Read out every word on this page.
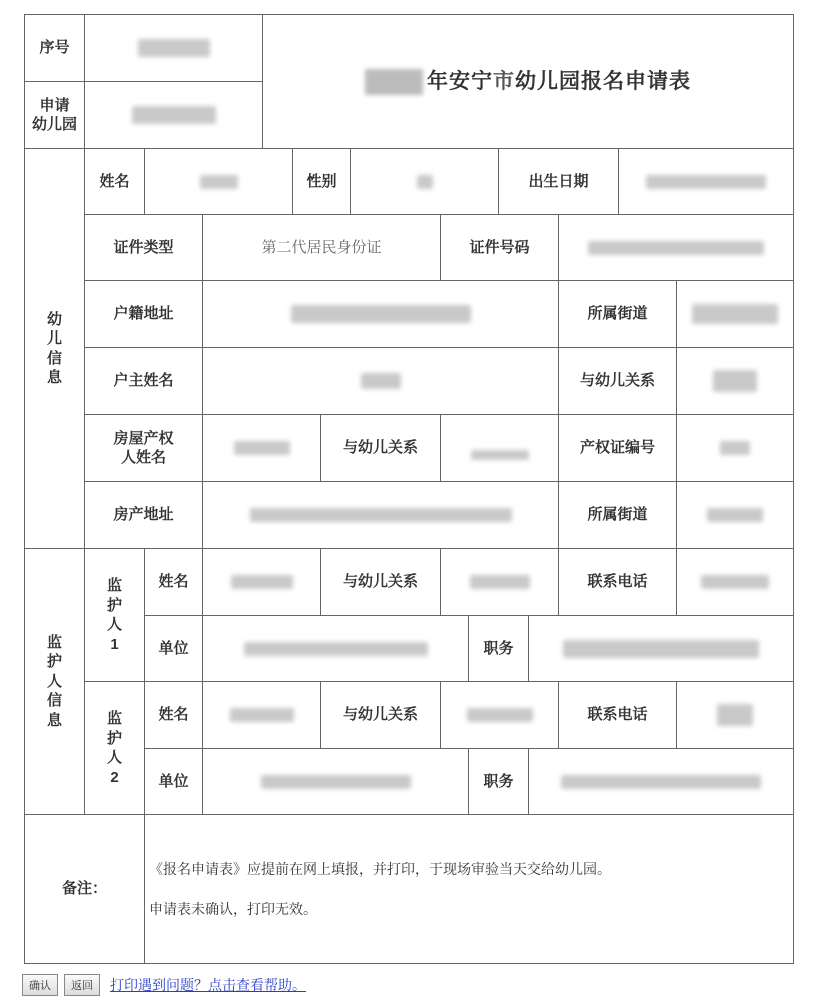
序号
年安宁市幼儿园报名申请表
申请
幼儿园
幼
儿
信
息
姓名	性别	出生日期
证件类型	第二代居民身份证	证件号码
户籍地址	所属街道
户主姓名	与幼儿关系
房屋产权
人姓名
与幼儿关系	产权证编号
房产地址	所属街道
监
护
人
信
息
监
护
人
1
姓名	与幼儿关系	联系电话
单位	职务
监
护
人
2
姓名	与幼儿关系	联系电话
单位	职务
备注：

《报名申请表》应提前在网上填报，并打印，于现场审验当天交给幼儿园。

申请表未确认，打印无效。

确认	返回	打印遇到问题？点击查看帮助。
